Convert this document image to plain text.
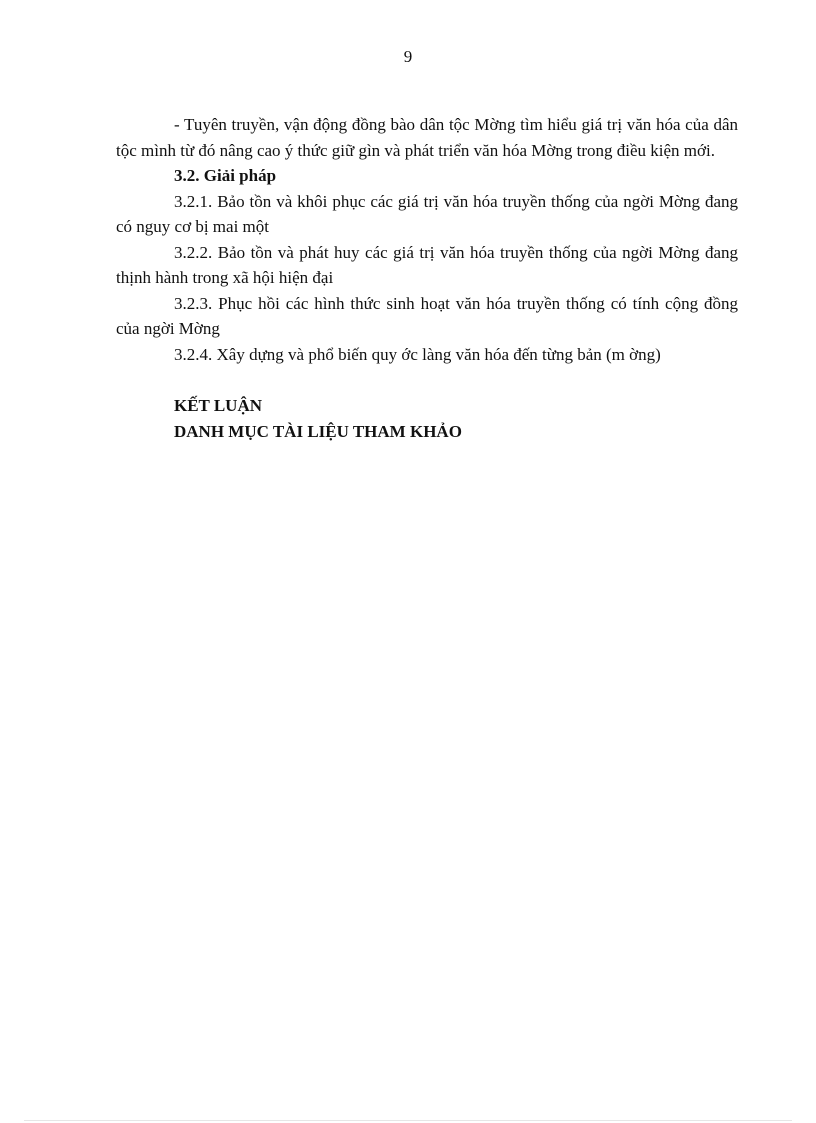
9

- Tuyên truyền, vận động đồng bào dân tộc Mờng tìm hiểu giá trị văn hóa của dân tộc mình từ đó nâng cao ý thức giữ gìn và phát triển văn hóa Mờng trong điều kiện mới.

3.2. Giải pháp

3.2.1. Bảo tồn và khôi phục các giá trị văn hóa truyền thống của ngời Mờng đang có nguy cơ bị mai một

3.2.2. Bảo tồn và phát huy các giá trị văn hóa truyền thống của ngời Mờng đang thịnh hành trong xã hội hiện đại

3.2.3. Phục hồi các hình thức sinh hoạt văn hóa truyền thống có tính cộng đồng của ngời Mờng

3.2.4. Xây dựng và phổ biến quy ớc làng văn hóa đến từng bản (m ờng)

KẾT LUẬN

DANH MỤC TÀI LIỆU THAM KHẢO
